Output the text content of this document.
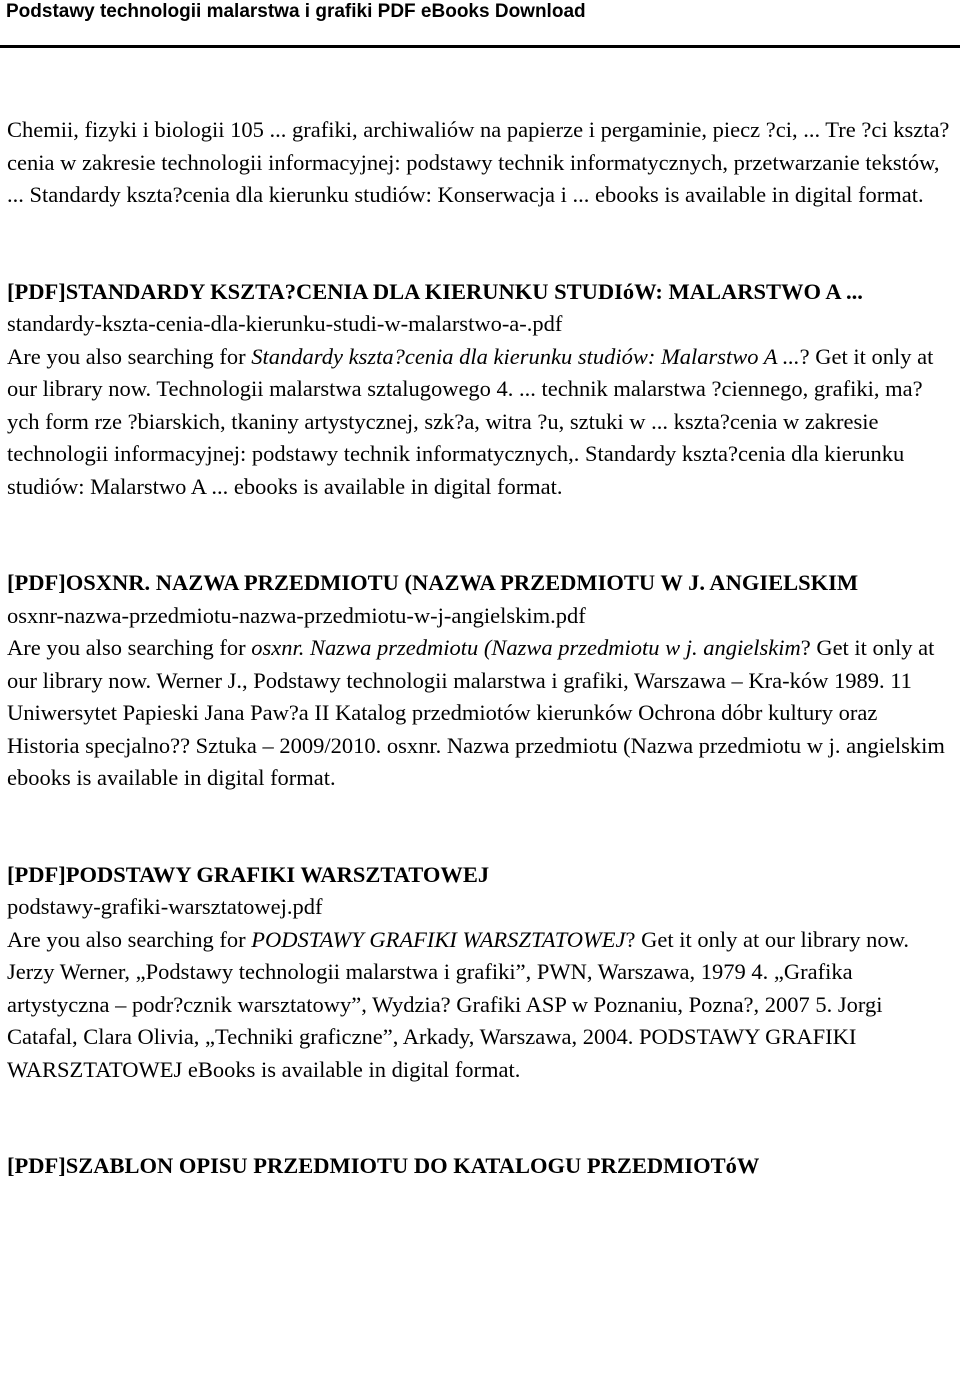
Podstawy technologii malarstwa i grafiki PDF eBooks Download

Chemii, fizyki i biologii 105 ... grafiki, archiwaliów na papierze i pergaminie, piecz ?ci, ... Tre ?ci kszta?cenia w zakresie technologii informacyjnej: podstawy technik informatycznych, przetwarzanie tekstów, ... Standardy kszta?cenia dla kierunku studiów: Konserwacja i ... ebooks is available in digital format.

[PDF]STANDARDY KSZTA?CENIA DLA KIERUNKU STUDIóW: MALARSTWO A ...

standardy-kszta-cenia-dla-kierunku-studi-w-malarstwo-a-.pdf

Are you also searching for Standardy kszta?cenia dla kierunku studiów: Malarstwo A ...? Get it only at our library now. Technologii malarstwa sztalugowego 4. ... technik malarstwa ?ciennego, grafiki, ma?ych form rze ?biarskich, tkaniny artystycznej, szk?a, witra ?u, sztuki w ... kszta?cenia w zakresie technologii informacyjnej: podstawy technik informatycznych,. Standardy kszta?cenia dla kierunku studiów: Malarstwo A ... ebooks is available in digital format.

[PDF]OSXNR. NAZWA PRZEDMIOTU (NAZWA PRZEDMIOTU W J. ANGIELSKIM

osxnr-nazwa-przedmiotu-nazwa-przedmiotu-w-j-angielskim.pdf

Are you also searching for osxnr. Nazwa przedmiotu (Nazwa przedmiotu w j. angielskim? Get it only at our library now. Werner J., Podstawy technologii malarstwa i grafiki, Warszawa – Kra-ków 1989. 11 Uniwersytet Papieski Jana Paw?a II Katalog przedmiotów kierunków Ochrona dóbr kultury oraz Historia specjalno?? Sztuka – 2009/2010. osxnr. Nazwa przedmiotu (Nazwa przedmiotu w j. angielskim ebooks is available in digital format.

[PDF]PODSTAWY GRAFIKI WARSZTATOWEJ

podstawy-grafiki-warsztatowej.pdf

Are you also searching for PODSTAWY GRAFIKI WARSZTATOWEJ? Get it only at our library now. Jerzy Werner, „Podstawy technologii malarstwa i grafiki”, PWN, Warszawa, 1979 4. „Grafika artystyczna – podr?cznik warsztatowy”, Wydzia? Grafiki ASP w Poznaniu, Pozna?, 2007 5. Jorgi Catafal, Clara Olivia, „Techniki graficzne”, Arkady, Warszawa, 2004. PODSTAWY GRAFIKI WARSZTATOWEJ eBooks is available in digital format.

[PDF]SZABLON OPISU PRZEDMIOTU DO KATALOGU PRZEDMIOTóW
